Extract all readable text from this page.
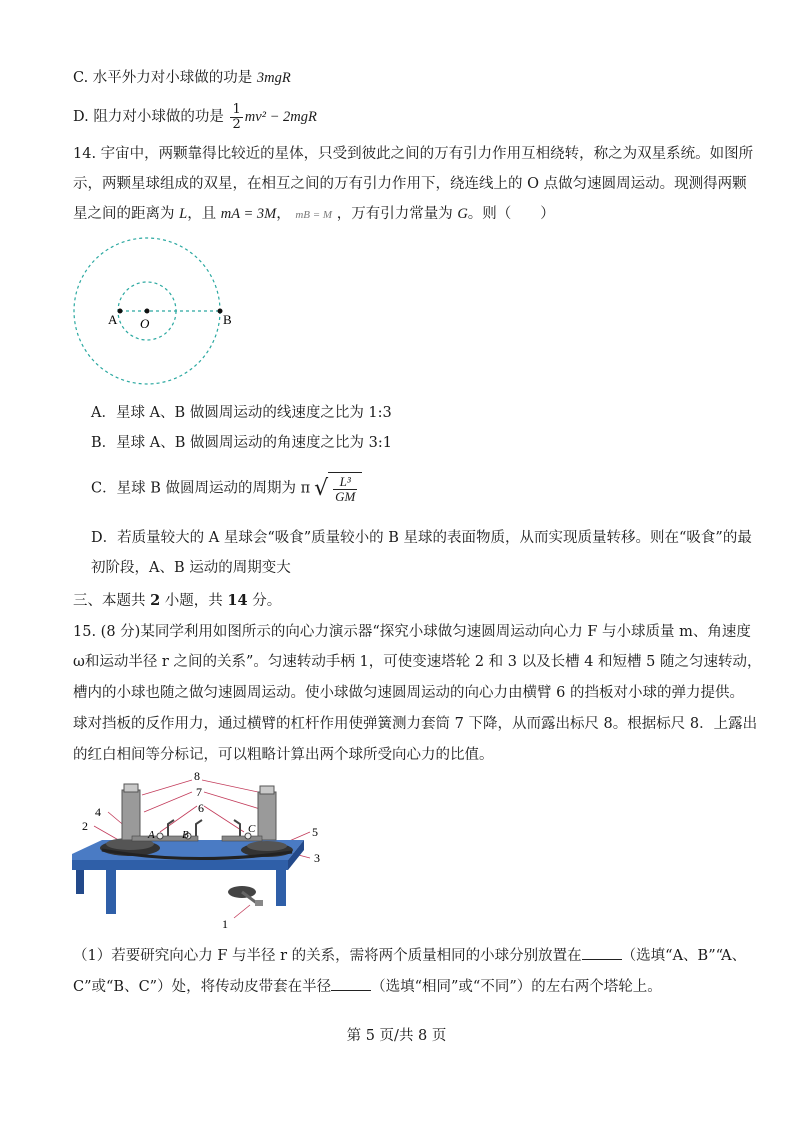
C. 水平外力对小球做的功是 3mgR
D. 阻力对小球做的功是 $\frac{1}{2} mv^2 - 2mgR$
14. 宇宙中，两颗靠得比较近的星体，只受到彼此之间的万有引力作用互相绕转，称之为双星系统。如图所
示，两颗星球组成的双星，在相互之间的万有引力作用下，绕连线上的 O 点做匀速圆周运动。现测得两颗
星之间的距离为 L，且 mA = 3M， mB = M ，万有引力常量为 G。则（　　）
A O	B
A．星球 A、B 做圆周运动的线速度之比为 1:3
B．星球 A、B 做圆周运动的角速度之比为 3:1
C．星球 B 做圆周运动的周期为 π √ $\frac{\text{L³}}{GM}$
D．若质量较大的 A 星球会“吸食”质量较小的 B 星球的表面物质，从而实现质量转移。则在“吸食”的最
初阶段，A、B 运动的周期变大
三、本题共 2 小题，共 14 分。
15. (8 分)某同学利用如图所示的向心力演示器“探究小球做匀速圆周运动向心力 F 与小球质量 m、角速度
ω和运动半径 r 之间的关系”。匀速转动手柄 1，可使变速塔轮 2 和 3 以及长槽 4 和短槽 5 随之匀速转动，
槽内的小球也随之做匀速圆周运动。使小球做匀速圆周运动的向心力由横臂 6 的挡板对小球的弹力提供。
球对挡板的反作用力，通过横臂的杠杆作用使弹簧测力套筒 7 下降，从而露出标尺 8。根据标尺 8．上露出
的红白相间等分标记，可以粗略计算出两个球所受向心力的比值。
8
7
6
4
2	5
3
1
A B	C
（1）若要研究向心力 F 与半径 r 的关系，需将两个质量相同的小球分别放置在	（选填“A、B”“A、
C”或“B、C”）处，将传动皮带套在半径	（选填“相同”或“不同”）的左右两个塔轮上。
第 5 页/共 8 页
